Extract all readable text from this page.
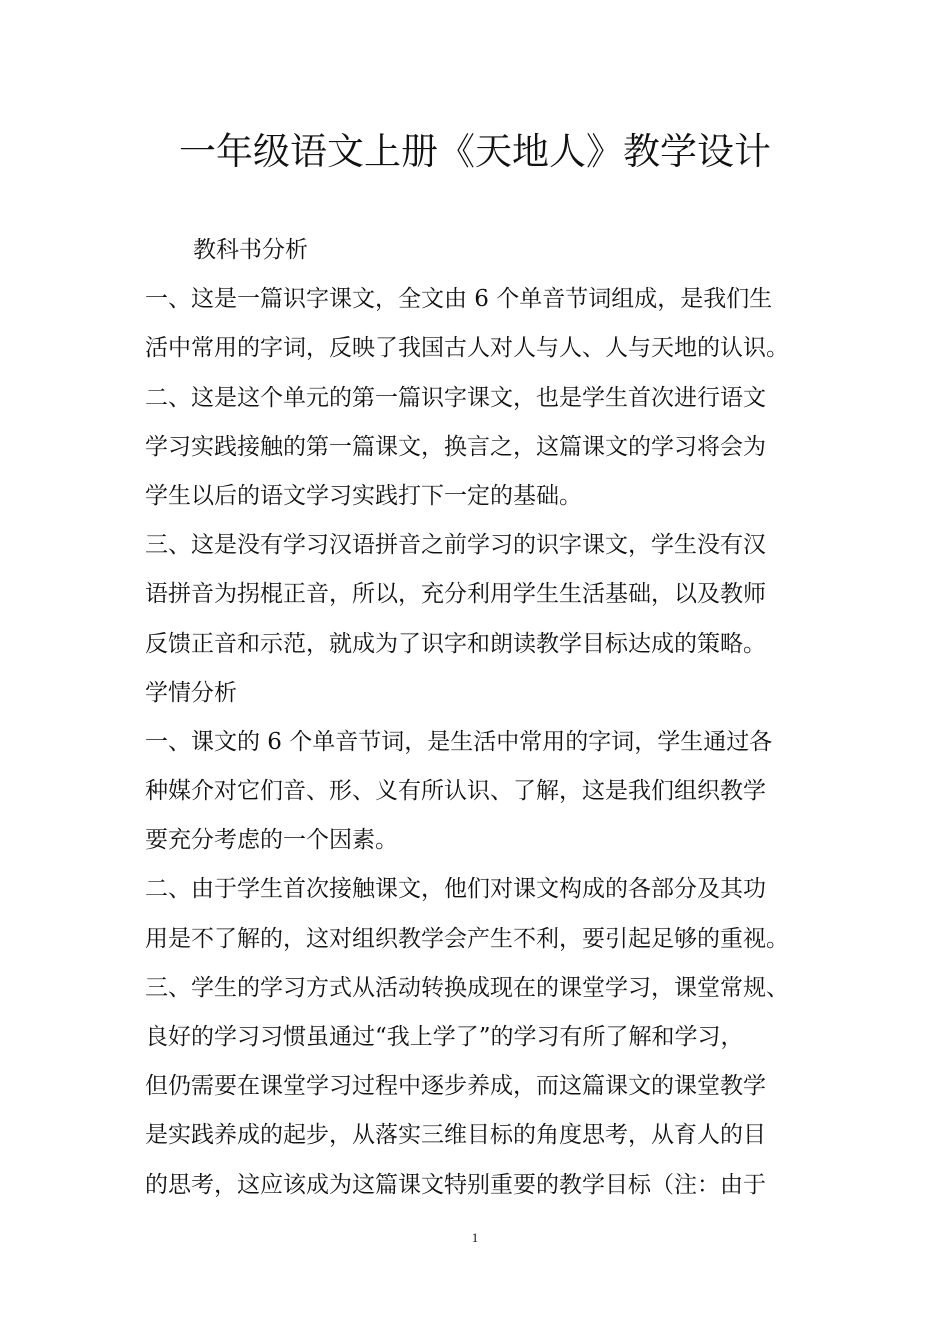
一年级语文上册《天地人》教学设计
教科书分析
一、这是一篇识字课文，全文由 6 个单音节词组成，是我们生
活中常用的字词，反映了我国古人对人与人、人与天地的认识。
二、这是这个单元的第一篇识字课文，也是学生首次进行语文
学习实践接触的第一篇课文，换言之，这篇课文的学习将会为
学生以后的语文学习实践打下一定的基础。
三、这是没有学习汉语拼音之前学习的识字课文，学生没有汉
语拼音为拐棍正音，所以，充分利用学生生活基础，以及教师
反馈正音和示范，就成为了识字和朗读教学目标达成的策略。
学情分析
一、课文的 6 个单音节词，是生活中常用的字词，学生通过各
种媒介对它们音、形、义有所认识、了解，这是我们组织教学
要充分考虑的一个因素。
二、由于学生首次接触课文，他们对课文构成的各部分及其功
用是不了解的，这对组织教学会产生不利，要引起足够的重视。
三、学生的学习方式从活动转换成现在的课堂学习，课堂常规、
良好的学习习惯虽通过“我上学了”的学习有所了解和学习，
但仍需要在课堂学习过程中逐步养成，而这篇课文的课堂教学
是实践养成的起步，从落实三维目标的角度思考，从育人的目
的思考，这应该成为这篇课文特别重要的教学目标（注：由于
1
